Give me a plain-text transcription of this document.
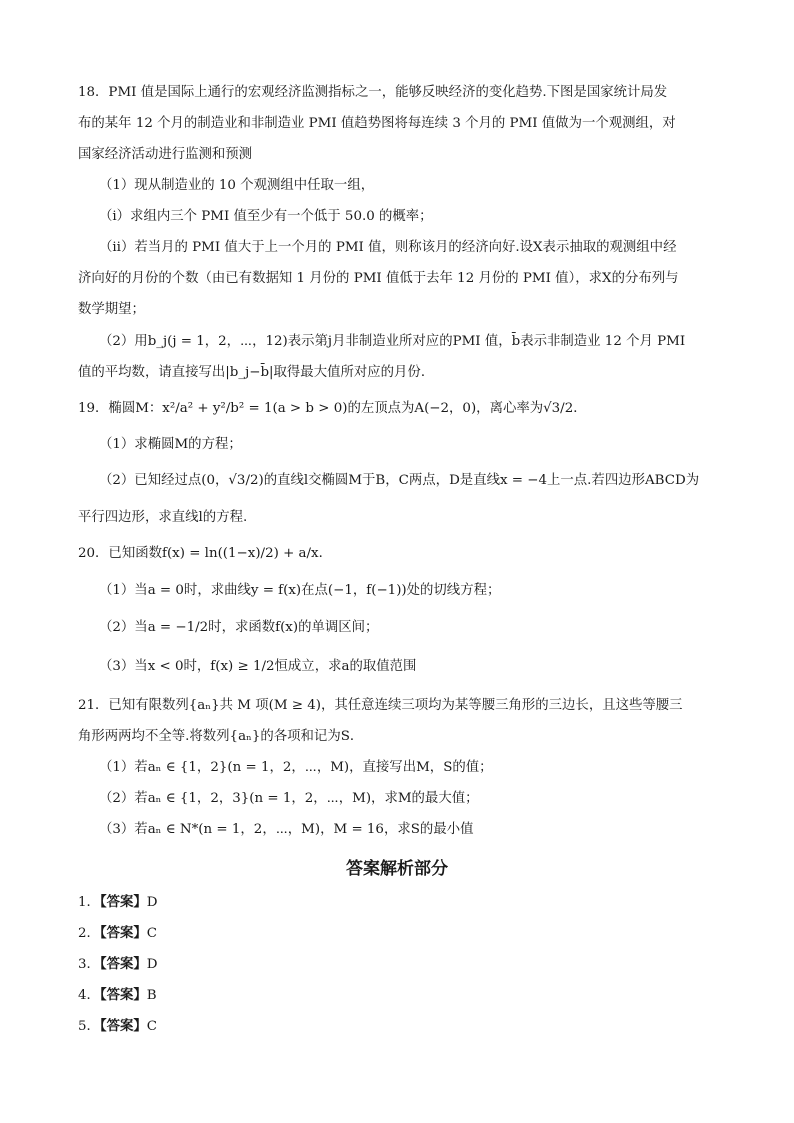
18．PMI 值是国际上通行的宏观经济监测指标之一，能够反映经济的变化趋势.下图是国家统计局发
布的某年 12 个月的制造业和非制造业 PMI 值趋势图将每连续 3 个月的 PMI 值做为一个观测组，对
国家经济活动进行监测和预测
（1）现从制造业的 10 个观测组中任取一组，
（ⅰ）求组内三个 PMI 值至少有一个低于 50.0 的概率；
（ⅱ）若当月的 PMI 值大于上一个月的 PMI 值，则称该月的经济向好.设X表示抽取的观测组中经
济向好的月份的个数（由已有数据知 1 月份的 PMI 值低于去年 12 月份的 PMI 值），求X的分布列与
数学期望；
（2）用b_j(j = 1，2，⋯，12)表示第j月非制造业所对应的PMI 值，b̄表示非制造业 12 个月 PMI
值的平均数，请直接写出|b_j−b̄|取得最大值所对应的月份．
19．椭圆M：x²/a² + y²/b² = 1(a > b > 0)的左顶点为A(−2，0)，离心率为√3/2．
（1）求椭圆M的方程；
（2）已知经过点(0，√3/2)的直线l交椭圆M于B，C两点，D是直线x = −4上一点.若四边形ABCD为
平行四边形，求直线l的方程.
20．已知函数f(x) = ln((1−x)/2) + a/x．
（1）当a = 0时，求曲线y = f(x)在点(−1，f(−1))处的切线方程；
（2）当a = −1/2时，求函数f(x)的单调区间；
（3）当x < 0时，f(x) ≥ 1/2恒成立，求a的取值范围
21．已知有限数列{aₙ}共 M 项(M ≥ 4)，其任意连续三项均为某等腰三角形的三边长，且这些等腰三
角形两两均不全等.将数列{aₙ}的各项和记为S．
（1）若aₙ ∈ {1，2}(n = 1，2，⋯，M)，直接写出M，S的值；
（2）若aₙ ∈ {1，2，3}(n = 1，2，⋯，M)，求M的最大值；
（3）若aₙ ∈ N*(n = 1，2，⋯，M)，M = 16，求S的最小值
答案解析部分
1．【答案】D
2．【答案】C
3．【答案】D
4．【答案】B
5．【答案】C
